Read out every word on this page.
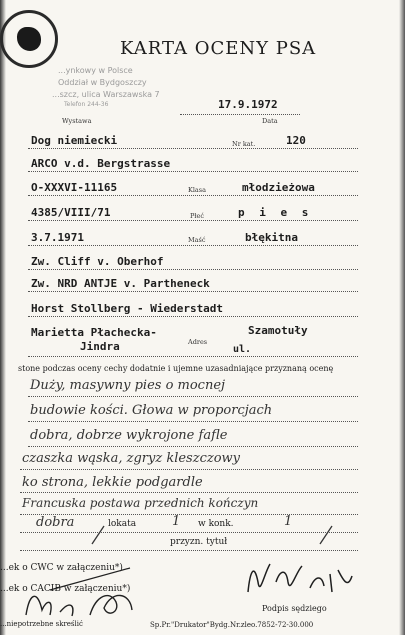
...ynkowy w Polsce
Oddział w Bydgoszczy
...szcz, ulica Warszawska 7
Telefon 244-36
KARTA OCENY PSA
17.9.1972
Wystawa	Data
Dog niemiecki	Nr kat.	120
ARCO v.d. Bergstrasse
O-XXXVI-11165	Klasa	młodzieżowa
4385/VIII/71	Płeć	p i e s
3.7.1971	Maść	błękitna
Zw. Cliff v. Oberhof
Zw. NRD ANTJE v. Partheneck
Horst Stollberg - Wiederstadt
Marietta Płachecka-
Jindra	Adres
Szamotuły
ul.
stone podczas oceny cechy dodatnie i ujemne uzasadniające przyznaną ocenę
Duży, masywny pies o mocnej
budowie kości. Głowa w proporcjach
dobra, dobrze wykrojone fafle
czaszka wąska, zgryz kleszczowy
ko strona, lekkie podgardle
Francuska postawa przednich kończyn
dobra	lokata	1 w konk.	1
przyzn. tytuł
...ek o CWC w załączeniu*)
...ek o CACIB w załączeniu*)
...niepotrzebne skreślić	Sp.Pr."Drukator"Bydg.Nr.zleo.7852-72-30.000
Podpis sędziego
